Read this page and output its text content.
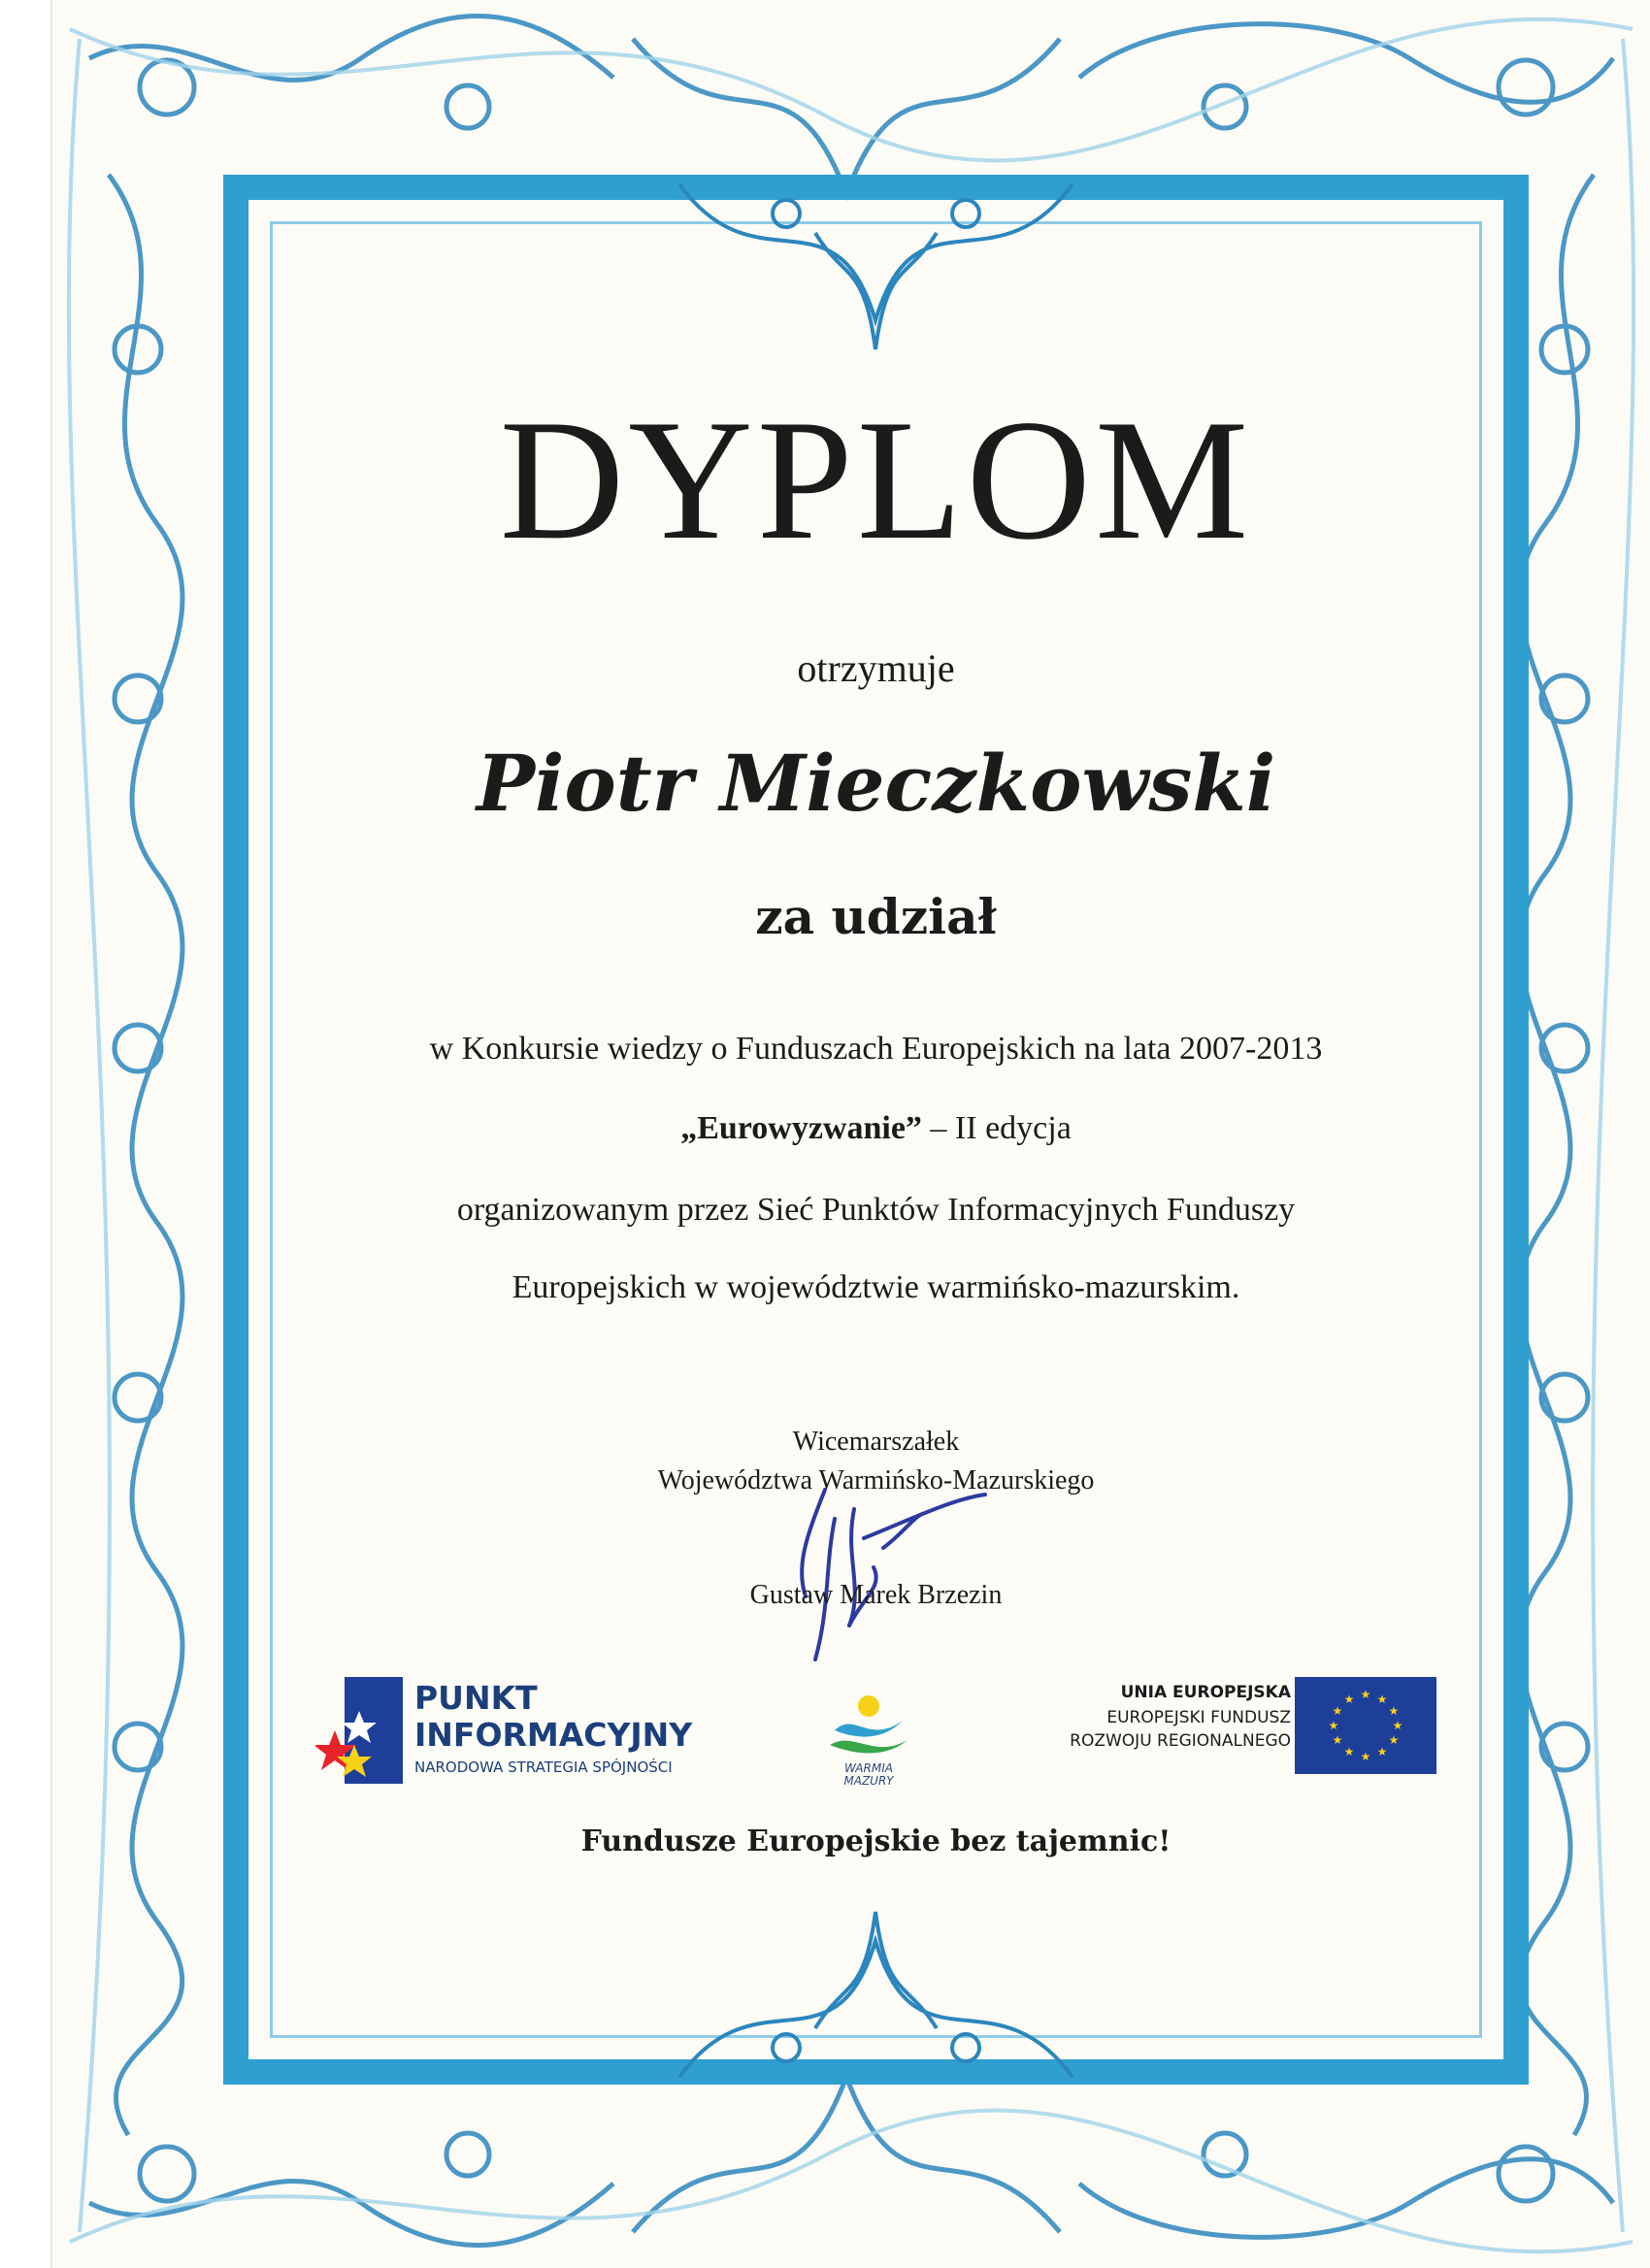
DYPLOM
otrzymuje
Piotr Mieczkowski
za udział
w Konkursie wiedzy o Funduszach Europejskich na lata 2007-2013
„Eurowyzwanie” – II edycja
organizowanym przez Sieć Punktów Informacyjnych Funduszy
Europejskich w województwie warmińsko-mazurskim.
Wicemarszałek
Województwa Warmińsko-Mazurskiego
Gustaw Marek Brzezin
PUNKT
INFORMACYJNY
NARODOWA STRATEGIA SPÓJNOŚCI	WARMIA
MAZURY
UNIA EUROPEJSKA
EUROPEJSKI FUNDUSZ
ROZWOJU REGIONALNEGO
★ ★
★
★
★
★
★
★
★
★
★
★
Fundusze Europejskie bez tajemnic!
